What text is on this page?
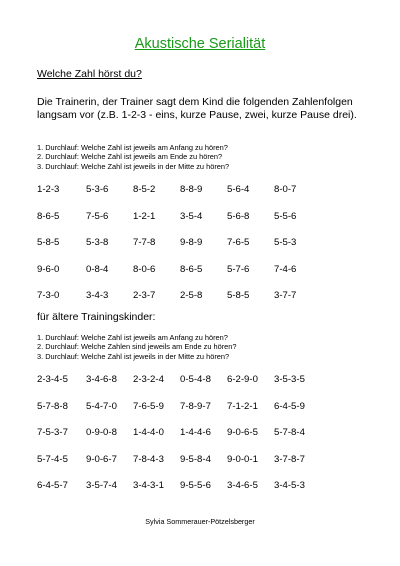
Akustische Serialität
Welche Zahl hörst du?
Die Trainerin, der Trainer sagt dem Kind die folgenden Zahlenfolgen langsam vor (z.B. 1-2-3 - eins, kurze Pause, zwei, kurze Pause drei).
1. Durchlauf: Welche Zahl ist jeweils am Anfang zu hören?
2. Durchlauf: Welche Zahl ist jeweils am Ende zu hören?
3. Durchlauf: Welche Zahl ist jeweils in der Mitte zu hören?
1-2-3	5-3-6	8-5-2	8-8-9	5-6-4	8-0-7
8-6-5	7-5-6	1-2-1	3-5-4	5-6-8	5-5-6
5-8-5	5-3-8	7-7-8	9-8-9	7-6-5	5-5-3
9-6-0	0-8-4	8-0-6	8-6-5	5-7-6	7-4-6
7-3-0	3-4-3	2-3-7	2-5-8	5-8-5	3-7-7
für ältere Trainingskinder:
1. Durchlauf: Welche Zahl ist jeweils am Anfang zu hören?
2. Durchlauf: Welche Zahlen sind jeweils am Ende zu hören?
3. Durchlauf: Welche Zahl ist jeweils in der Mitte zu hören?
2-3-4-5 3-4-6-8 2-3-2-4 0-5-4-8 6-2-9-0 3-5-3-5
5-7-8-8 5-4-7-0 7-6-5-9 7-8-9-7 7-1-2-1 6-4-5-9
7-5-3-7 0-9-0-8 1-4-4-0 1-4-4-6 9-0-6-5 5-7-8-4
5-7-4-5 9-0-6-7 7-8-4-3 9-5-8-4 9-0-0-1 3-7-8-7
6-4-5-7 3-5-7-4 3-4-3-1 9-5-5-6 3-4-6-5 3-4-5-3
Sylvia Sommerauer-Pötzelsberger
